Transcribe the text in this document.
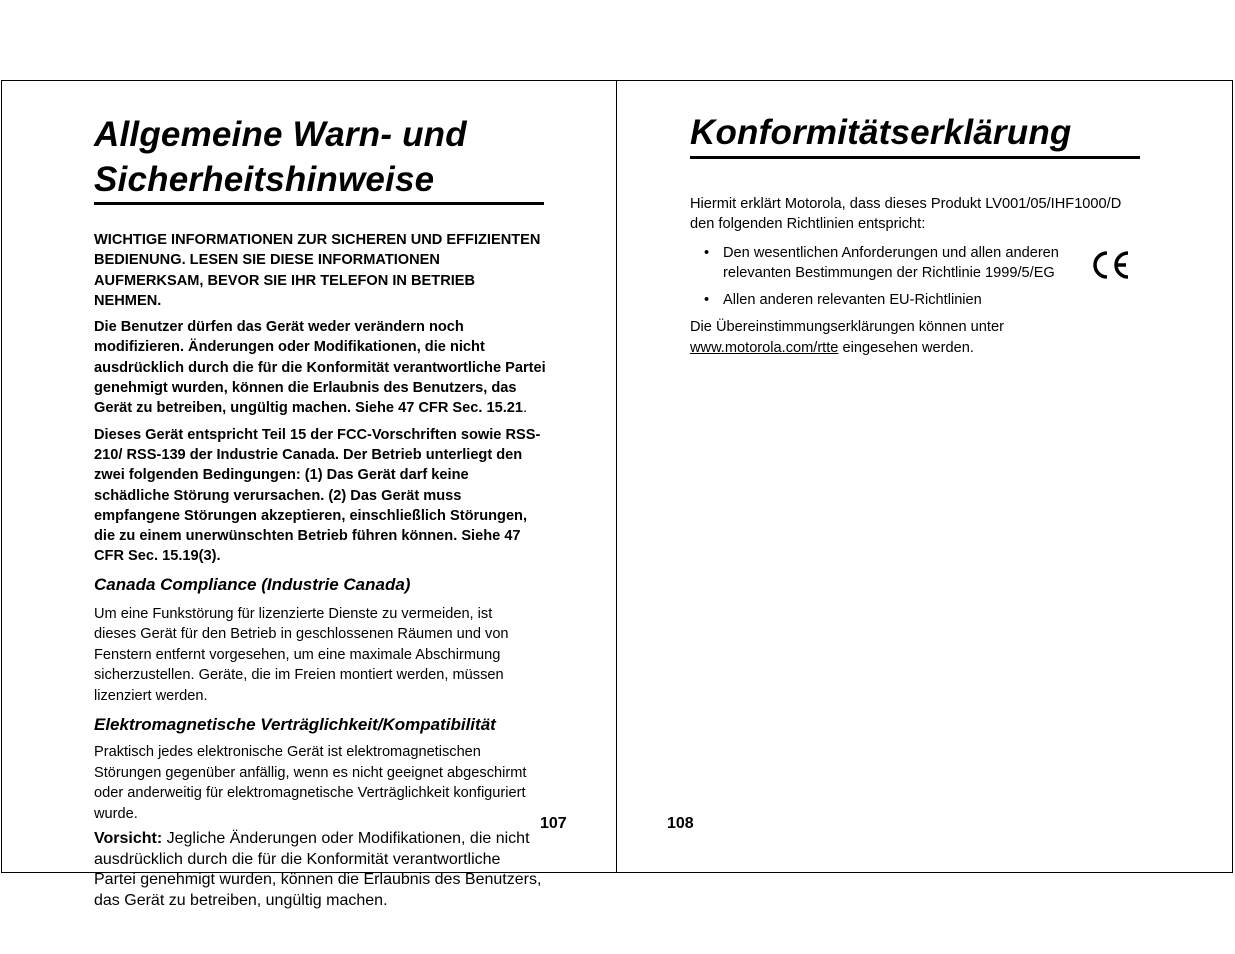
Allgemeine Warn- und
Sicherheitshinweise

WICHTIGE INFORMATIONEN ZUR SICHEREN UND EFFIZIENTEN BEDIENUNG. LESEN SIE DIESE INFORMATIONEN AUFMERKSAM, BEVOR SIE IHR TELEFON IN BETRIEB NEHMEN.

Die Benutzer dürfen das Gerät weder verändern noch modifizieren. Änderungen oder Modifikationen, die nicht ausdrücklich durch die für die Konformität verantwortliche Partei genehmigt wurden, können die Erlaubnis des Benutzers, das Gerät zu betreiben, ungültig machen. Siehe 47 CFR Sec. 15.21.

Dieses Gerät entspricht Teil 15 der FCC-Vorschriften sowie RSS-210/ RSS-139 der Industrie Canada. Der Betrieb unterliegt den zwei folgenden Bedingungen: (1) Das Gerät darf keine schädliche Störung verursachen. (2) Das Gerät muss empfangene Störungen akzeptieren, einschließlich Störungen, die zu einem unerwünschten Betrieb führen können. Siehe 47 CFR Sec. 15.19(3).

Canada Compliance (Industrie Canada)

Um eine Funkstörung für lizenzierte Dienste zu vermeiden, ist dieses Gerät für den Betrieb in geschlossenen Räumen und von Fenstern entfernt vorgesehen, um eine maximale Abschirmung sicherzustellen. Geräte, die im Freien montiert werden, müssen lizenziert werden.

Elektromagnetische Verträglichkeit/Kompatibilität

Praktisch jedes elektronische Gerät ist elektromagnetischen Störungen gegenüber anfällig, wenn es nicht geeignet abgeschirmt oder anderweitig für elektromagnetische Verträglichkeit konfiguriert wurde.

Vorsicht: Jegliche Änderungen oder Modifikationen, die nicht ausdrücklich durch die für die Konformität verantwortliche Partei genehmigt wurden, können die Erlaubnis des Benutzers, das Gerät zu betreiben, ungültig machen.

107
Konformitätserklärung

Hiermit erklärt Motorola, dass dieses Produkt LV001/05/IHF1000/D den folgenden Richtlinien entspricht:

• Den wesentlichen Anforderungen und allen anderen relevanten Bestimmungen der Richtlinie 1999/5/EG
• Allen anderen relevanten EU-Richtlinien

Die Übereinstimmungserklärungen können unter www.motorola.com/rtte eingesehen werden.

108
